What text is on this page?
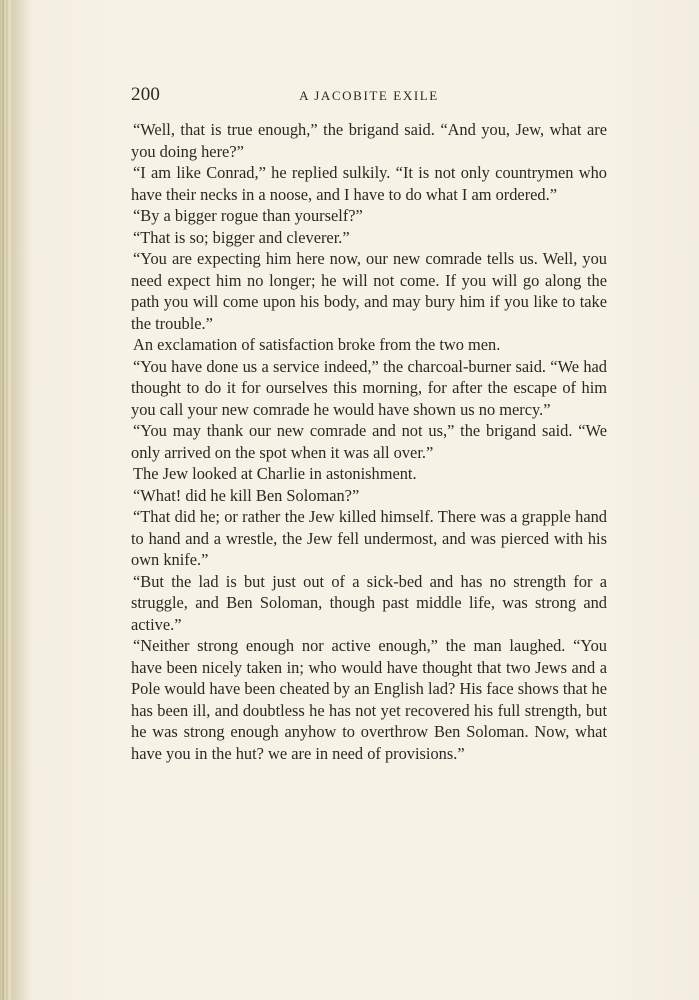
200	A JACOBITE EXILE

“Well, that is true enough,” the brigand said. “And you, Jew, what are you doing here?”

“I am like Conrad,” he replied sulkily. “It is not only countrymen who have their necks in a noose, and I have to do what I am ordered.”

“By a bigger rogue than yourself?”

“That is so; bigger and cleverer.”

“You are expecting him here now, our new comrade tells us. Well, you need expect him no longer; he will not come. If you will go along the path you will come upon his body, and may bury him if you like to take the trouble.”

An exclamation of satisfaction broke from the two men.

“You have done us a service indeed,” the charcoal-burner said. “We had thought to do it for ourselves this morning, for after the escape of him you call your new comrade he would have shown us no mercy.”

“You may thank our new comrade and not us,” the brigand said. “We only arrived on the spot when it was all over.”

The Jew looked at Charlie in astonishment.

“What! did he kill Ben Soloman?”

“That did he; or rather the Jew killed himself. There was a grapple hand to hand and a wrestle, the Jew fell undermost, and was pierced with his own knife.”

“But the lad is but just out of a sick-bed and has no strength for a struggle, and Ben Soloman, though past middle life, was strong and active.”

“Neither strong enough nor active enough,” the man laughed. “You have been nicely taken in; who would have thought that two Jews and a Pole would have been cheated by an English lad? His face shows that he has been ill, and doubtless he has not yet recovered his full strength, but he was strong enough anyhow to overthrow Ben Soloman. Now, what have you in the hut? we are in need of provisions.”
